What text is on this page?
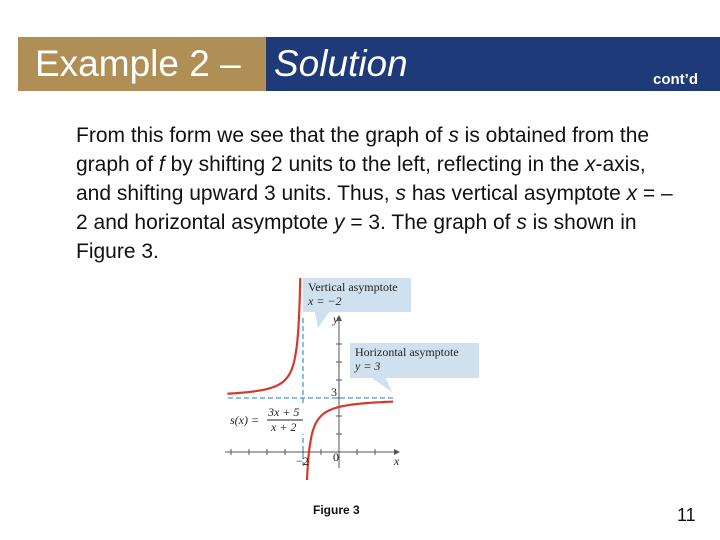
Example 2 – Solution	cont’d

From this form we see that the graph of s is obtained from the graph of f by shifting 2 units to the left, reflecting in the x-axis, and shifting upward 3 units. Thus, s has vertical asymptote x = –2 and horizontal asymptote y = 3. The graph of s is shown in Figure 3.

Vertical asymptote
x = −2
Horizontal asymptote
y = 3
y
x
3
−2 0
s(x) =
3x + 5
x + 2
Figure 3	11
